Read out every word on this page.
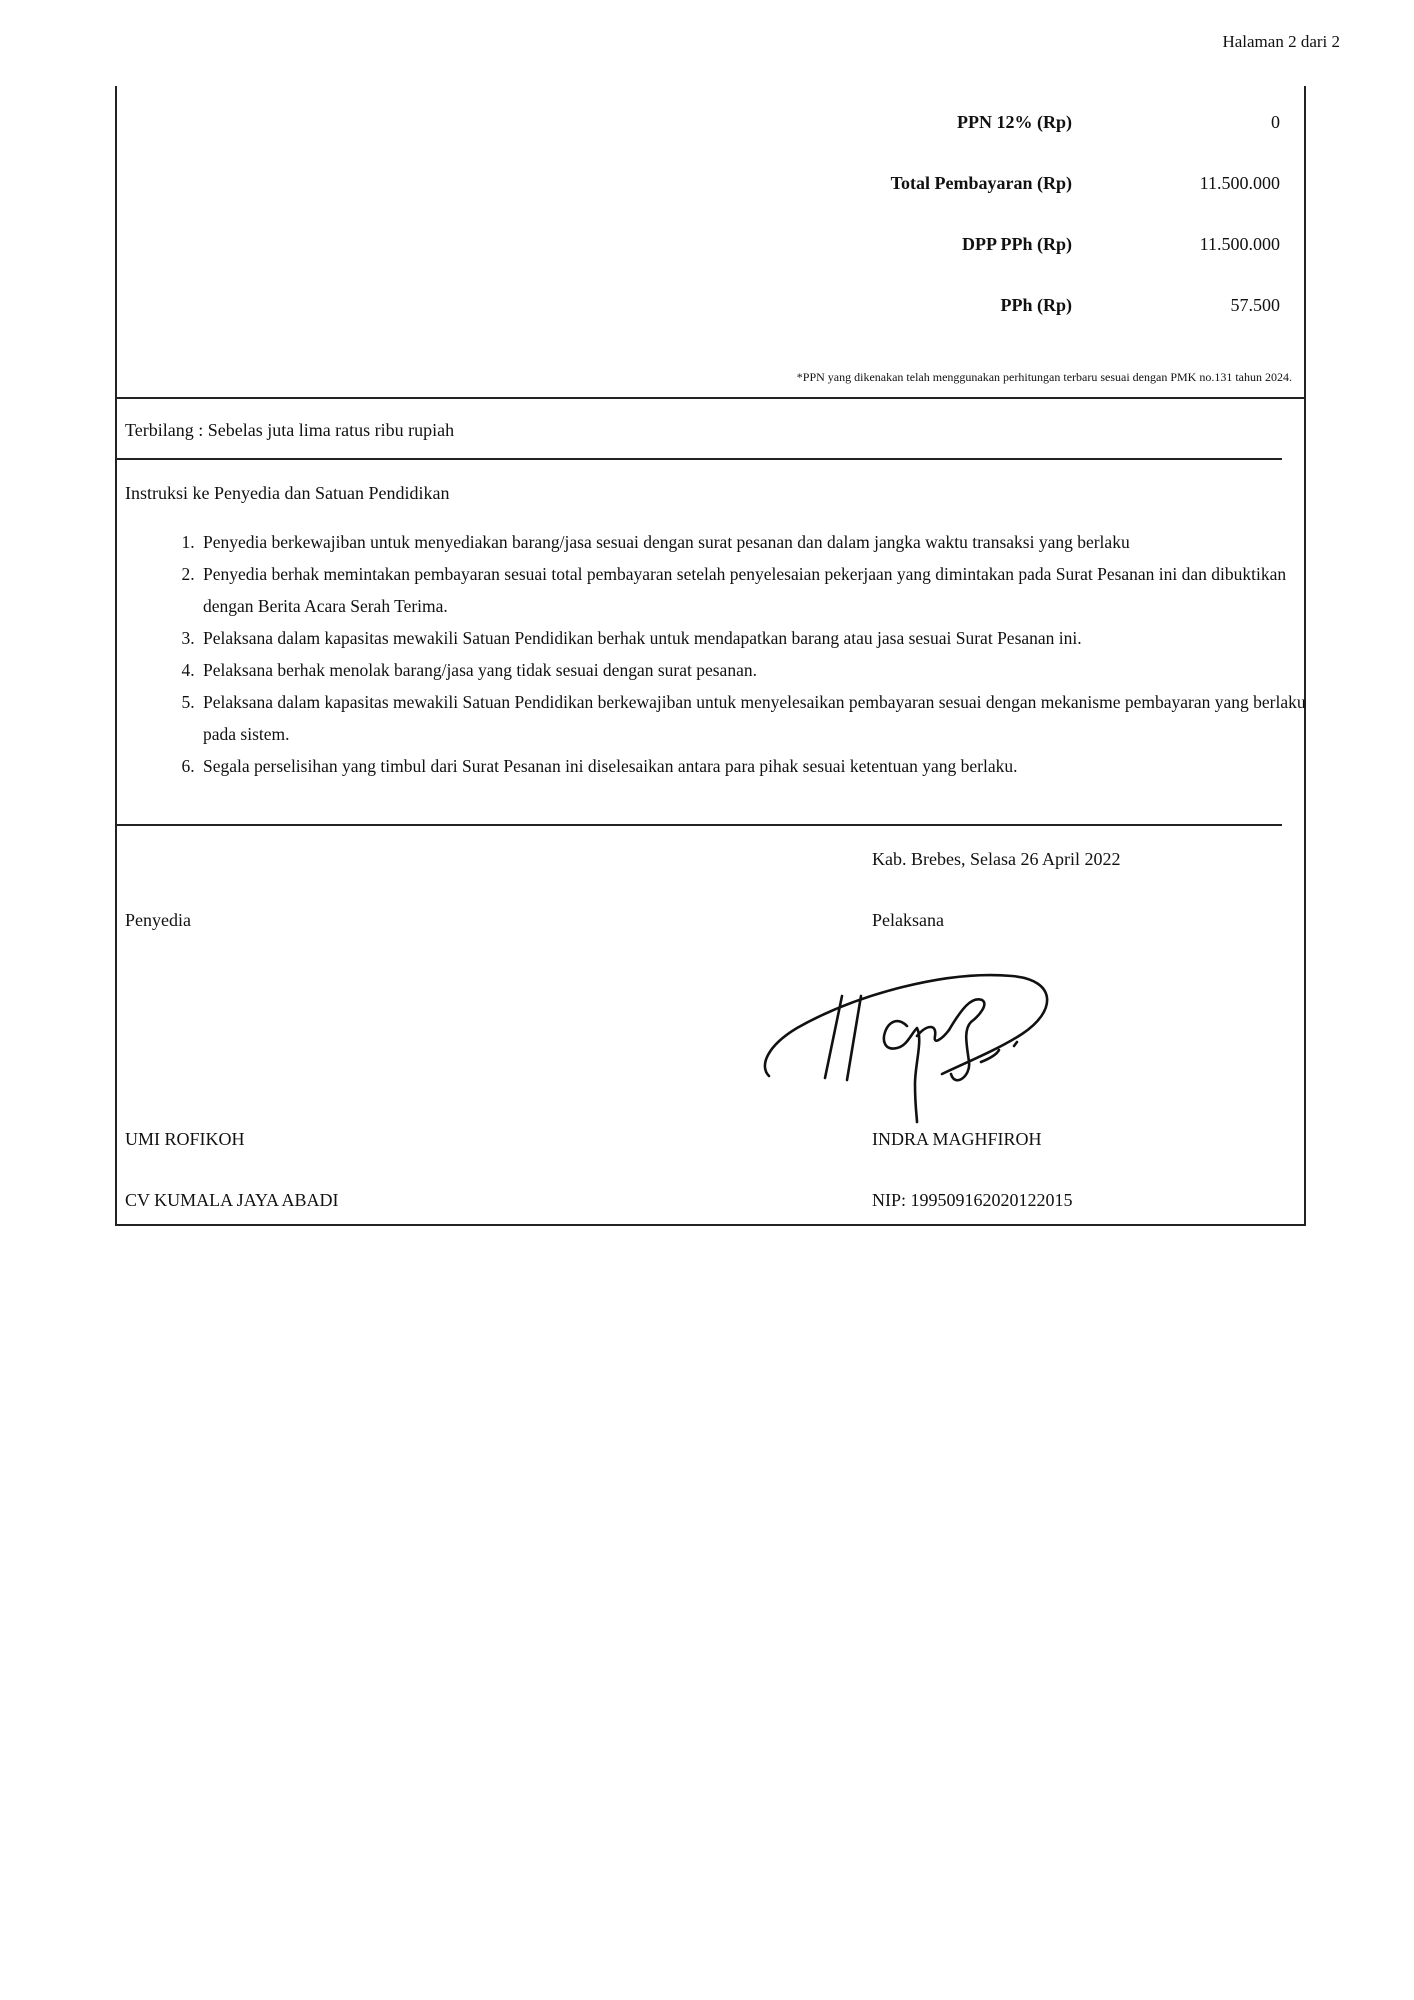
Halaman 2 dari 2
PPN 12% (Rp)	0
Total Pembayaran (Rp)	11.500.000
DPP PPh (Rp)	11.500.000
PPh (Rp)	57.500
*PPN yang dikenakan telah menggunakan perhitungan terbaru sesuai dengan PMK no.131 tahun 2024.
Terbilang : Sebelas juta lima ratus ribu rupiah
Instruksi ke Penyedia dan Satuan Pendidikan
1. Penyedia berkewajiban untuk menyediakan barang/jasa sesuai dengan surat pesanan dan dalam jangka waktu transaksi yang berlaku
2. Penyedia berhak memintakan pembayaran sesuai total pembayaran setelah penyelesaian pekerjaan yang dimintakan pada Surat Pesanan ini dan dibuktikan dengan Berita Acara Serah Terima.
3. Pelaksana dalam kapasitas mewakili Satuan Pendidikan berhak untuk mendapatkan barang atau jasa sesuai Surat Pesanan ini.
4. Pelaksana berhak menolak barang/jasa yang tidak sesuai dengan surat pesanan.
5. Pelaksana dalam kapasitas mewakili Satuan Pendidikan berkewajiban untuk menyelesaikan pembayaran sesuai dengan mekanisme pembayaran yang berlaku pada sistem.
6. Segala perselisihan yang timbul dari Surat Pesanan ini diselesaikan antara para pihak sesuai ketentuan yang berlaku.
Kab. Brebes, Selasa 26 April 2022
Penyedia	Pelaksana
UMI ROFIKOH	INDRA MAGHFIROH
CV KUMALA JAYA ABADI	NIP: 199509162020122015
